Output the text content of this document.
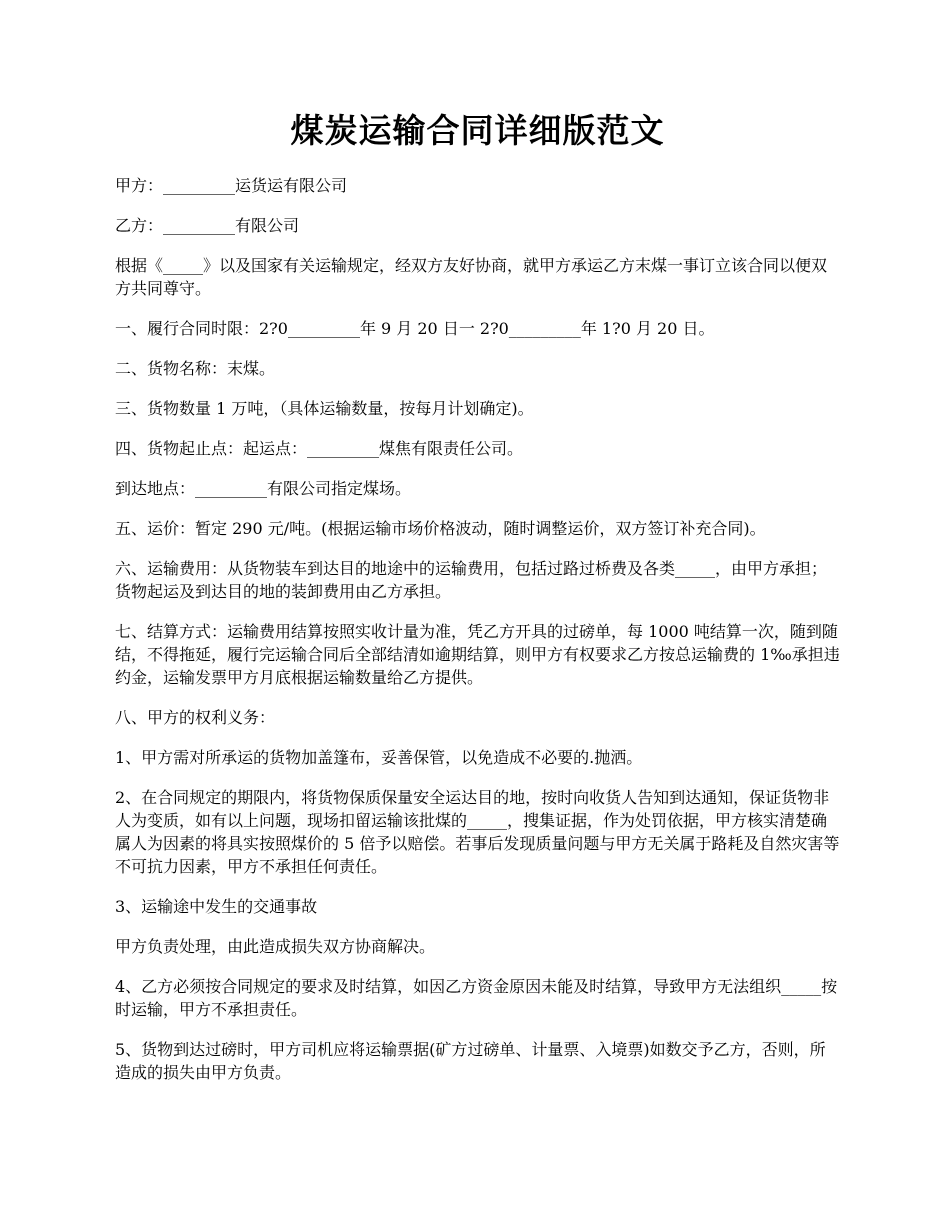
煤炭运输合同详细版范文

甲方：_________运货运有限公司

乙方：_________有限公司

根据《_____》以及国家有关运输规定，经双方友好协商，就甲方承运乙方末煤一事订立该合同以便双方共同尊守。

一、履行合同时限：2?0_________年 9 月 20 日一 2?0_________年 1?0 月 20 日。

二、货物名称：末煤。

三、货物数量 1 万吨，（具体运输数量，按每月计划确定)。

四、货物起止点：起运点：_________煤焦有限责任公司。

到达地点：_________有限公司指定煤场。

五、运价：暂定 290 元/吨。(根据运输市场价格波动，随时调整运价，双方签订补充合同)。

六、运输费用：从货物装车到达目的地途中的运输费用，包括过路过桥费及各类_____，由甲方承担；货物起运及到达目的地的装卸费用由乙方承担。

七、结算方式：运输费用结算按照实收计量为准，凭乙方开具的过磅单，每 1000 吨结算一次，随到随结，不得拖延，履行完运输合同后全部结清如逾期结算，则甲方有权要求乙方按总运输费的 1‰承担违约金，运输发票甲方月底根据运输数量给乙方提供。

八、甲方的权利义务：

1、甲方需对所承运的货物加盖篷布，妥善保管，以免造成不必要的.抛洒。

2、在合同规定的期限内，将货物保质保量安全运达目的地，按时向收货人告知到达通知，保证货物非人为变质，如有以上问题，现场扣留运输该批煤的_____，搜集证据，作为处罚依据，甲方核实清楚确属人为因素的将具实按照煤价的 5 倍予以赔偿。若事后发现质量问题与甲方无关属于路耗及自然灾害等不可抗力因素，甲方不承担任何责任。

3、运输途中发生的交通事故

甲方负责处理，由此造成损失双方协商解决。

4、乙方必须按合同规定的要求及时结算，如因乙方资金原因未能及时结算，导致甲方无法组织_____按时运输，甲方不承担责任。

5、货物到达过磅时，甲方司机应将运输票据(矿方过磅单、计量票、入境票)如数交予乙方，否则，所造成的损失由甲方负责。
